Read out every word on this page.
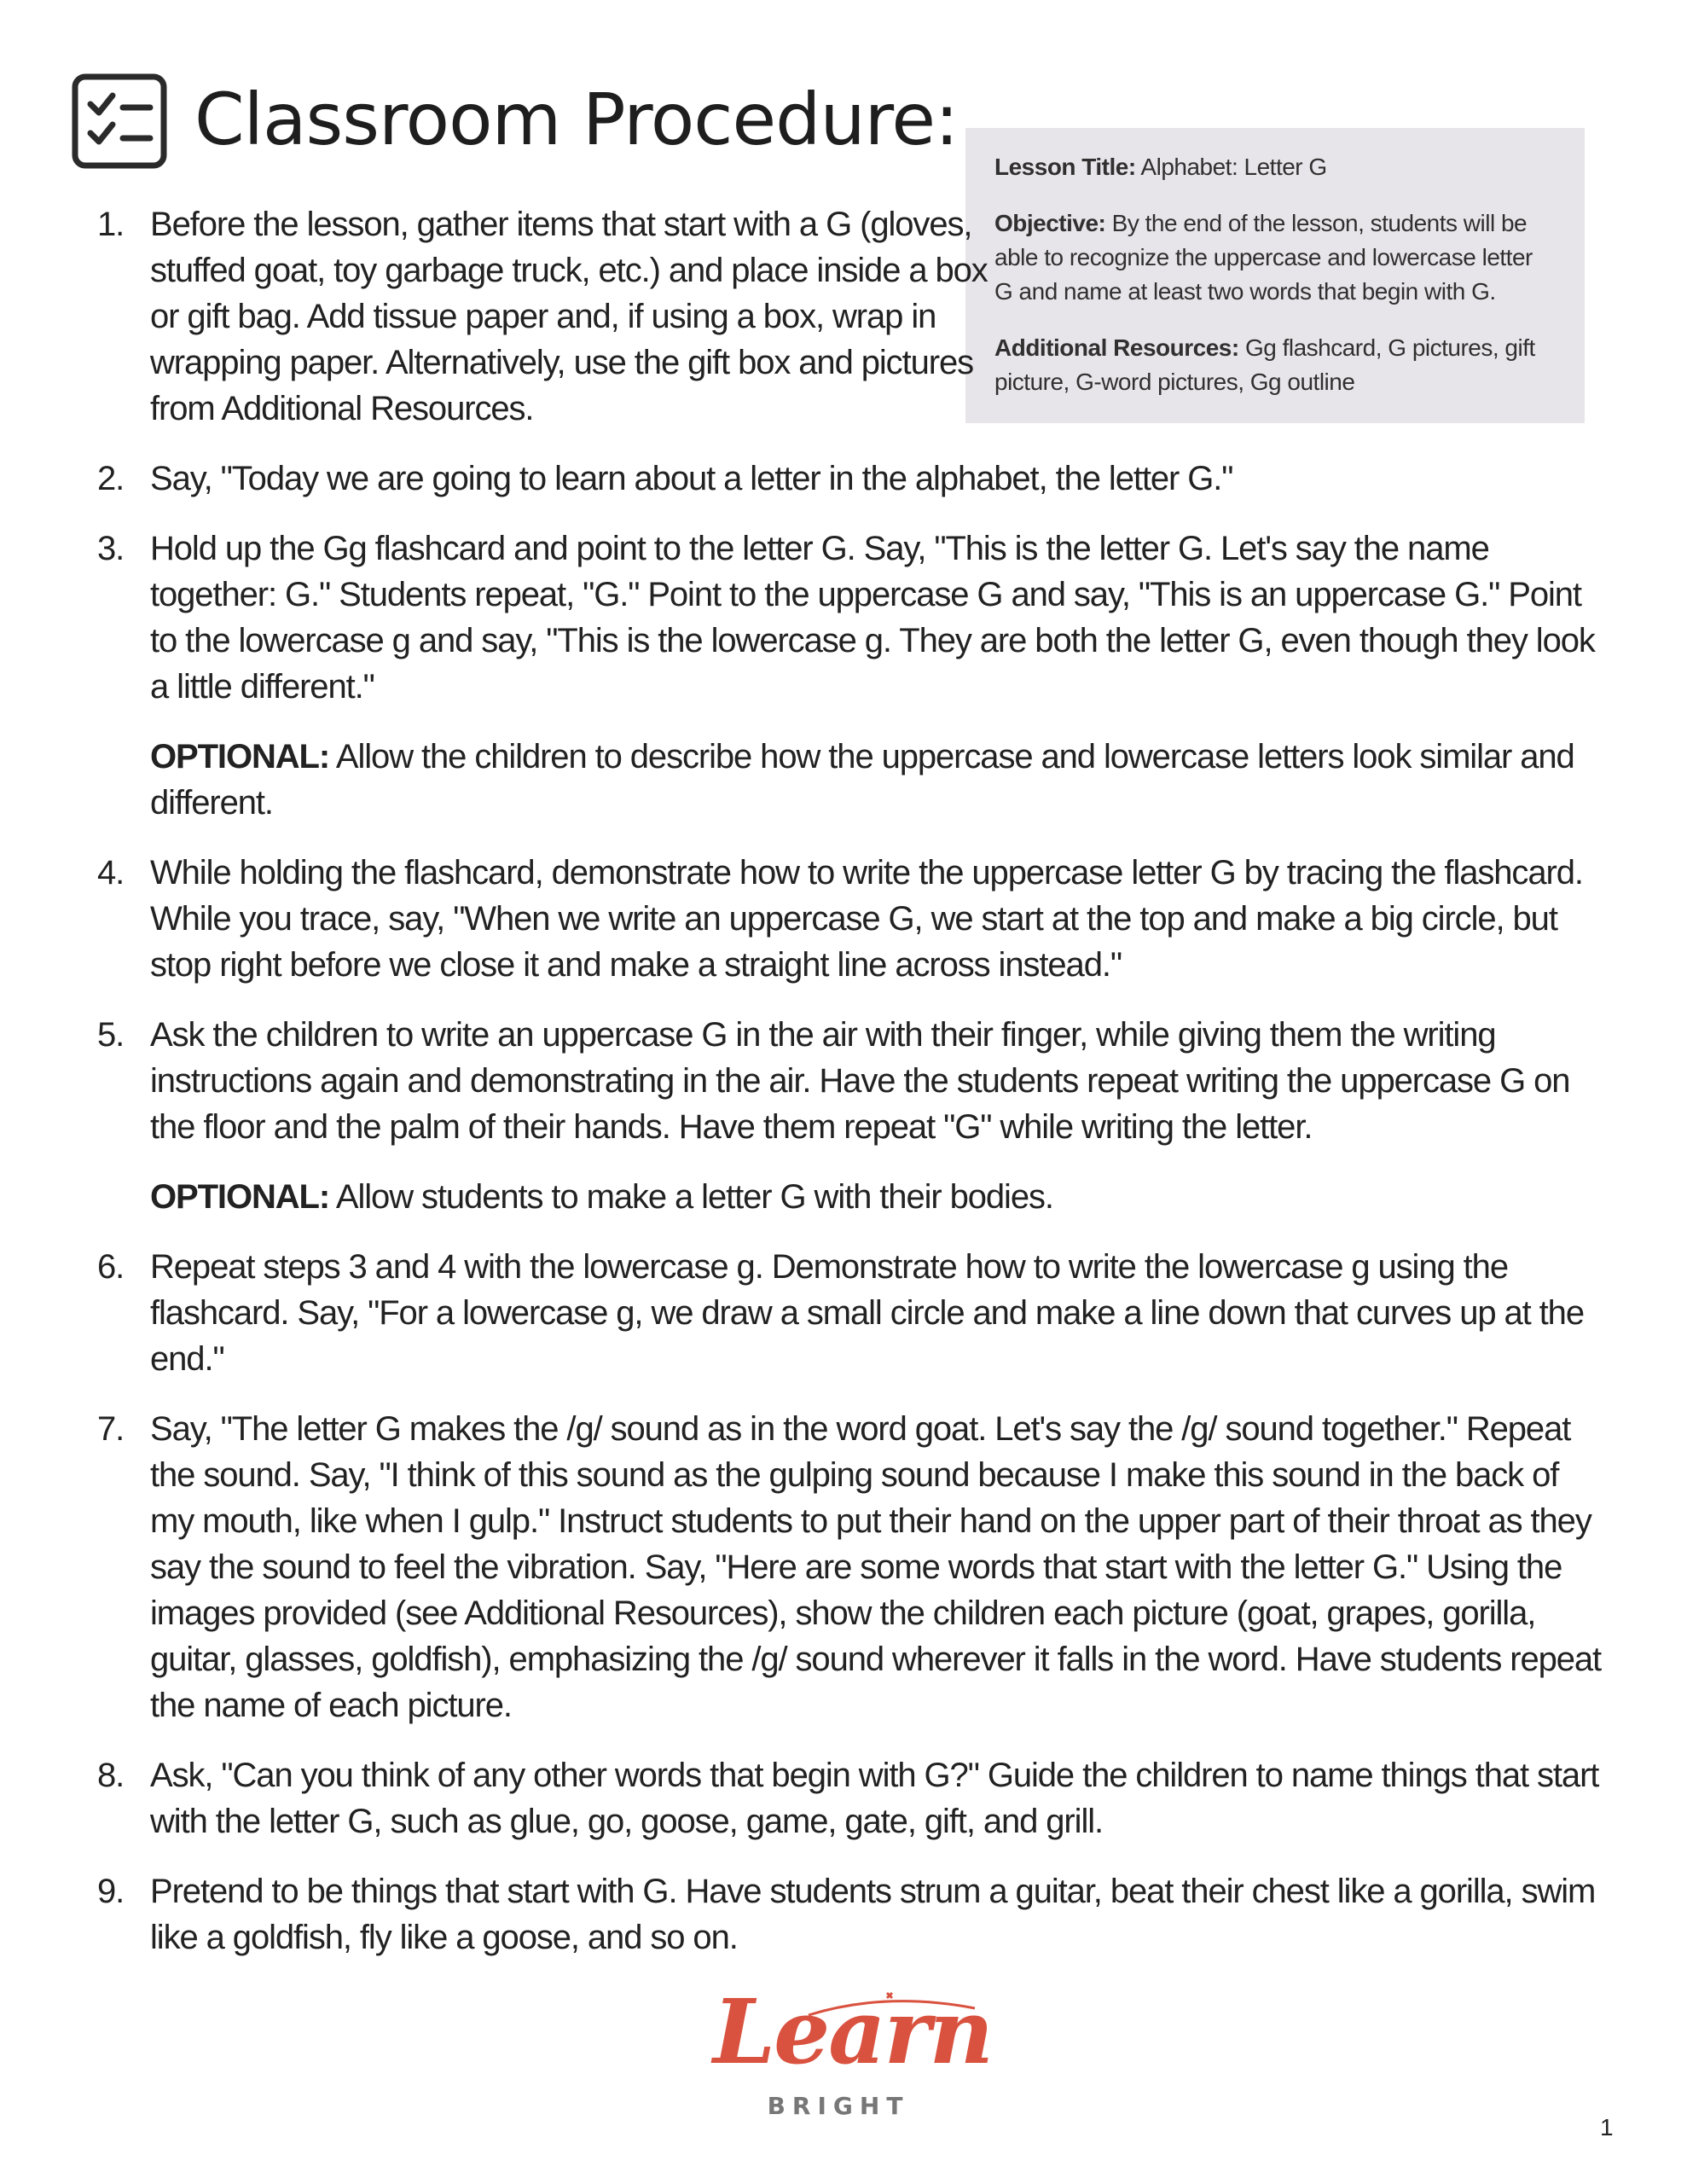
Classroom Procedure:

Lesson Title: Alphabet: Letter G

Objective: By the end of the lesson, students will be able to recognize the uppercase and lowercase letter G and name at least two words that begin with G.

Additional Resources: Gg flashcard, G pictures, gift picture, G-word pictures, Gg outline

1. Before the lesson, gather items that start with a G (gloves, stuffed goat, toy garbage truck, etc.) and place inside a box or gift bag. Add tissue paper and, if using a box, wrap in wrapping paper. Alternatively, use the gift box and pictures from Additional Resources.
2. Say, "Today we are going to learn about a letter in the alphabet, the letter G."
3. Hold up the Gg flashcard and point to the letter G. Say, "This is the letter G. Let's say the name together: G." Students repeat, "G." Point to the uppercase G and say, "This is an uppercase G." Point to the lowercase g and say, "This is the lowercase g. They are both the letter G, even though they look a little different."
OPTIONAL: Allow the children to describe how the uppercase and lowercase letters look similar and different.
4. While holding the flashcard, demonstrate how to write the uppercase letter G by tracing the flashcard. While you trace, say, "When we write an uppercase G, we start at the top and make a big circle, but stop right before we close it and make a straight line across instead."
5. Ask the children to write an uppercase G in the air with their finger, while giving them the writing instructions again and demonstrating in the air. Have the students repeat writing the uppercase G on the floor and the palm of their hands. Have them repeat "G" while writing the letter.
OPTIONAL: Allow students to make a letter G with their bodies.
6. Repeat steps 3 and 4 with the lowercase g. Demonstrate how to write the lowercase g using the flashcard. Say, "For a lowercase g, we draw a small circle and make a line down that curves up at the end."
7. Say, "The letter G makes the /g/ sound as in the word goat. Let's say the /g/ sound together." Repeat the sound. Say, "I think of this sound as the gulping sound because I make this sound in the back of my mouth, like when I gulp." Instruct students to put their hand on the upper part of their throat as they say the sound to feel the vibration. Say, "Here are some words that start with the letter G." Using the images provided (see Additional Resources), show the children each picture (goat, grapes, gorilla, guitar, glasses, goldfish), emphasizing the /g/ sound wherever it falls in the word. Have students repeat the name of each picture.
8. Ask, "Can you think of any other words that begin with G?" Guide the children to name things that start with the letter G, such as glue, go, goose, game, gate, gift, and grill.
9. Pretend to be things that start with G. Have students strum a guitar, beat their chest like a gorilla, swim like a goldfish, fly like a goose, and so on.
Learn
BRIGHT
1
